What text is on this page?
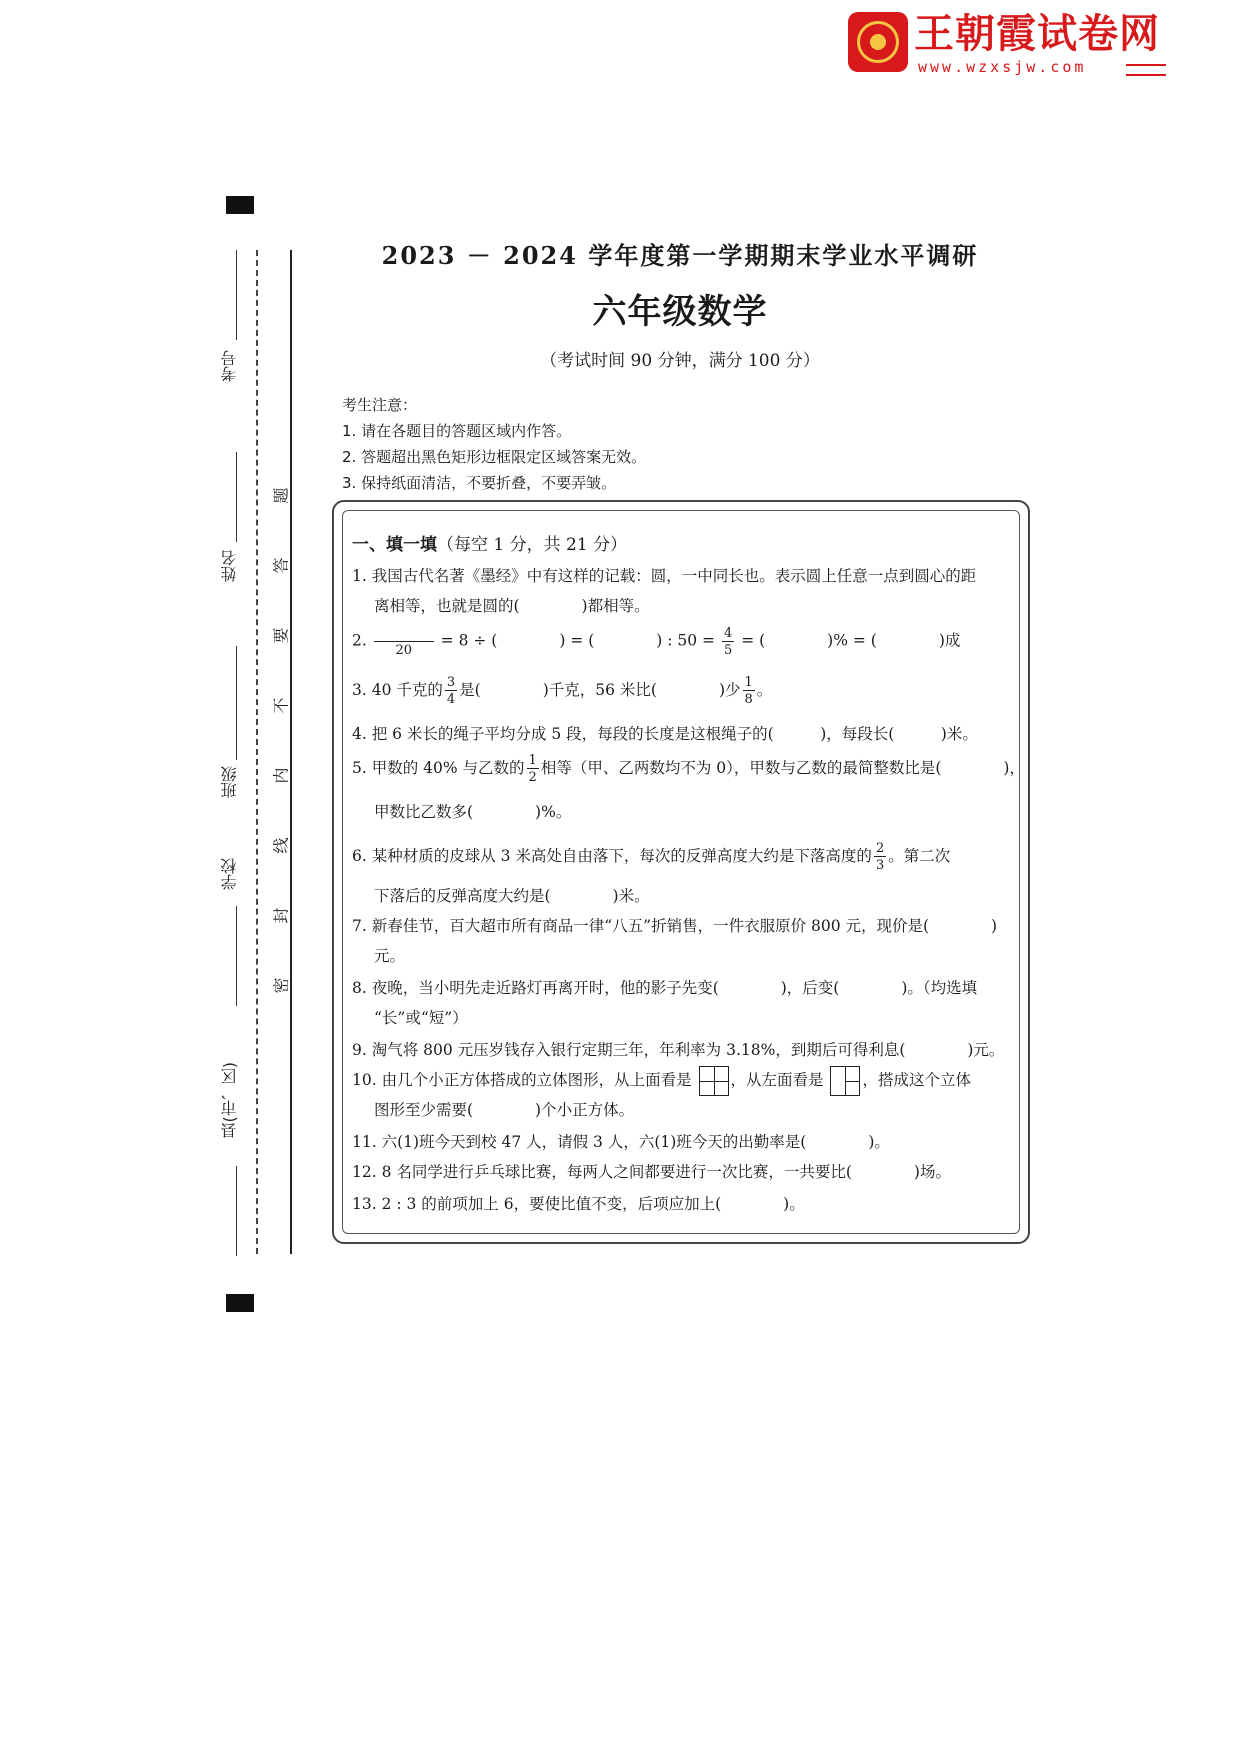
王朝霞试卷网
www.wzxsjw.com
考号
姓名
班级
学校
县(市、区)
题
答
要
不
内
线
封
密
2023 － 2024 学年度第一学期期末学业水平调研
六年级数学
（考试时间 90 分钟，满分 100 分）
考生注意：
1. 请在各题目的答题区域内作答。
2. 答题超出黑色矩形边框限定区域答案无效。
3. 保持纸面清洁，不要折叠，不要弄皱。
一、填一填（每空 1 分，共 21 分）
1. 我国古代名著《墨经》中有这样的记载：圆，一中同长也。表示圆上任意一点到圆心的距
离相等，也就是圆的(　　　　)都相等。
2.
20
= 8 ÷ (　　　　) = (　　　　) : $50 = \frac{4}{5}$ = (　　　　)% = (　　　　)成
3. 40 千克的 $\frac{3}{4}$ 是(　　　　)千克，56 米比(　　　　)少 $\frac{1}{8}$ 。
4. 把 6 米长的绳子平均分成 5 段，每段的长度是这根绳子的(　　　)，每段长(　　　)米。
5. 甲数的 40% 与乙数的 $\frac{1}{2}$ 相等（甲、乙两数均不为 0），甲数与乙数的最简整数比是(　　　　)，
甲数比乙数多(　　　　)%。
6. 某种材质的皮球从 3 米高处自由落下，每次的反弹高度大约是下落高度的 $\frac{2}{3}$ 。第二次
下落后的反弹高度大约是(　　　　)米。
7. 新春佳节，百大超市所有商品一律“八五”折销售，一件衣服原价 800 元，现价是(　　　　)
元。
8. 夜晚，当小明先走近路灯再离开时，他的影子先变(　　　　)，后变(　　　　)。（均选填
“长”或“短”）
9. 淘气将 800 元压岁钱存入银行定期三年，年利率为 3.18%，到期后可得利息(　　　　)元。
10. 由几个小正方体搭成的立体图形，从上面看是	，从左面看是	，搭成这个立体
图形至少需要(　　　　)个小正方体。
11. 六(1)班今天到校 47 人，请假 3 人，六(1)班今天的出勤率是(　　　　)。
12. 8 名同学进行乒乓球比赛，每两人之间都要进行一次比赛，一共要比(　　　　)场。
13. 2 : 3 的前项加上 6，要使比值不变，后项应加上(　　　　)。
